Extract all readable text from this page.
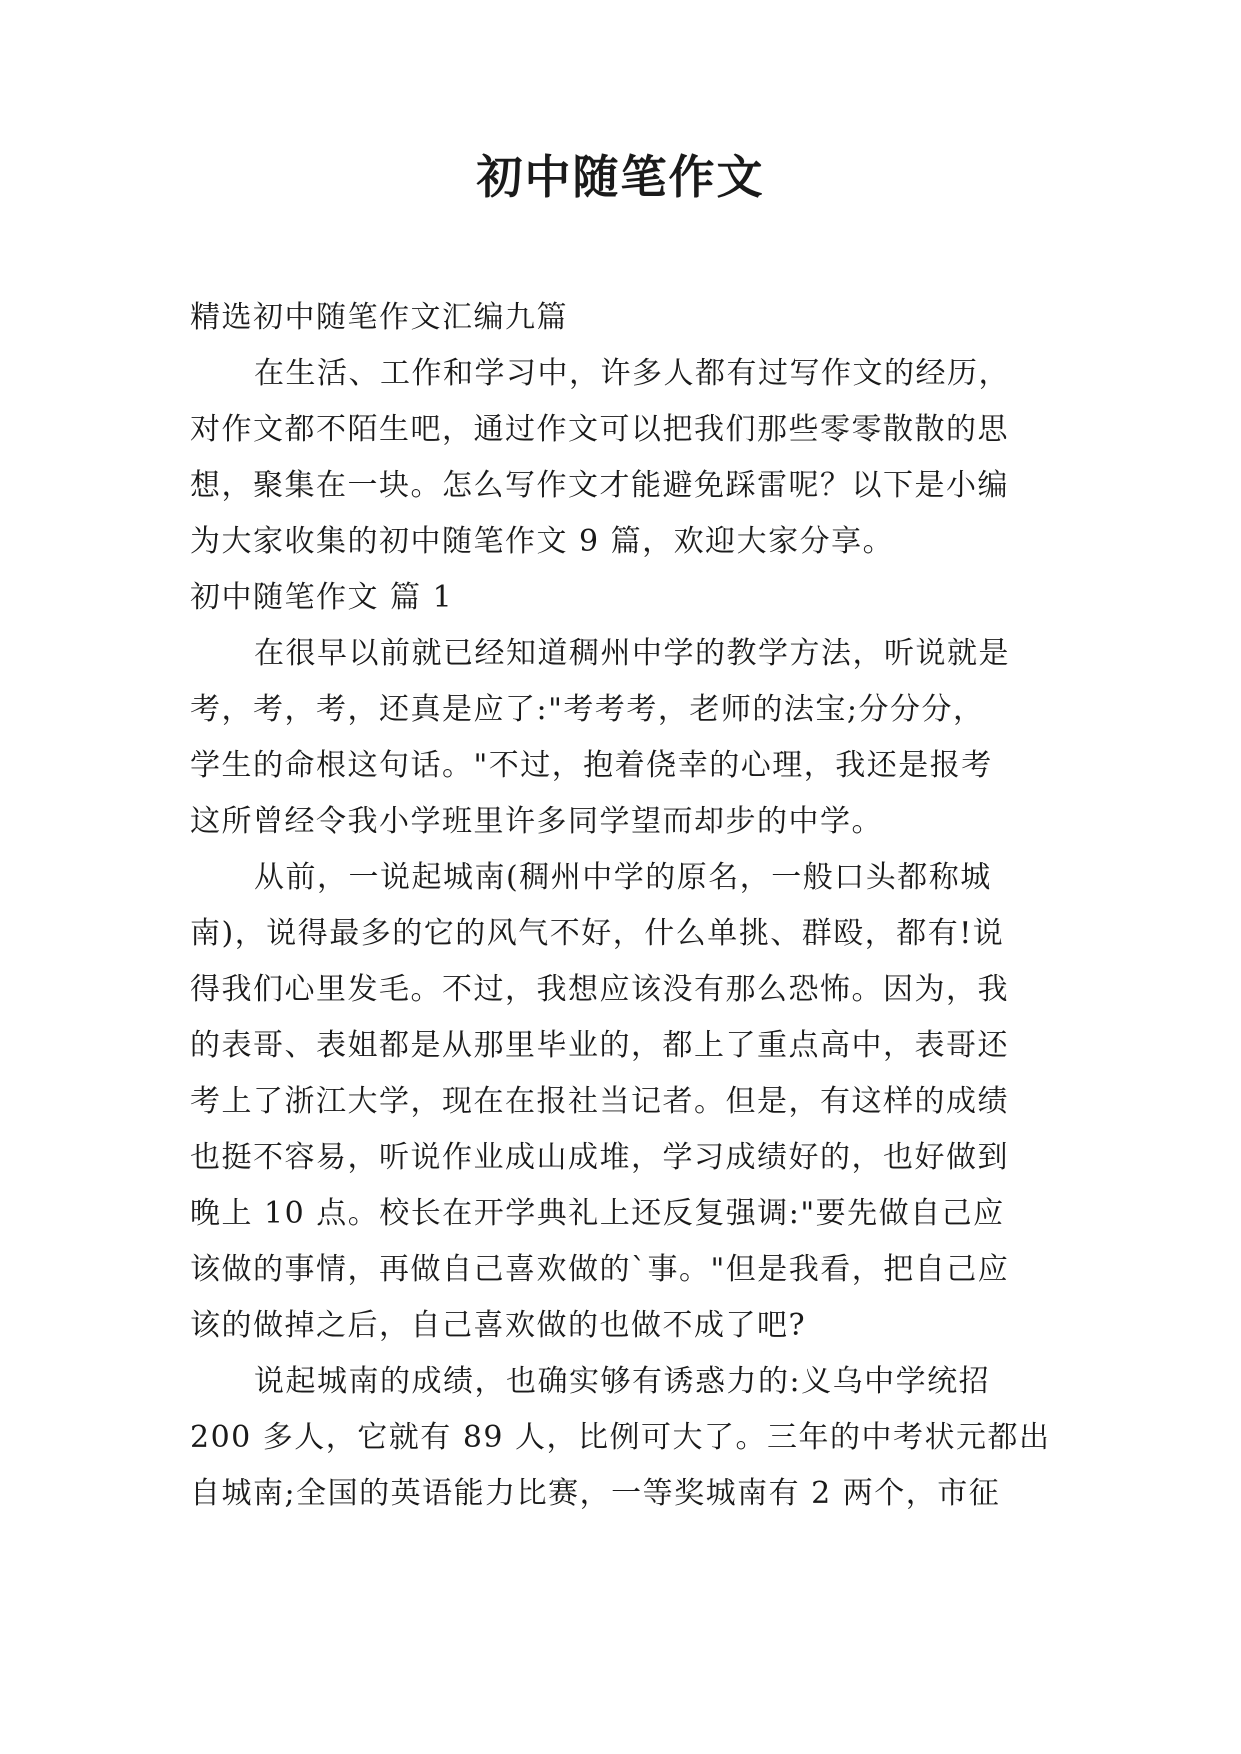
初中随笔作文
精选初中随笔作文汇编九篇
在生活、工作和学习中，许多人都有过写作文的经历，
对作文都不陌生吧，通过作文可以把我们那些零零散散的思
想，聚集在一块。怎么写作文才能避免踩雷呢？以下是小编
为大家收集的初中随笔作文 9 篇，欢迎大家分享。
初中随笔作文 篇 1
在很早以前就已经知道稠州中学的教学方法，听说就是
考，考，考，还真是应了:"考考考，老师的法宝;分分分，
学生的命根这句话。"不过，抱着侥幸的心理，我还是报考
这所曾经令我小学班里许多同学望而却步的中学。
从前，一说起城南(稠州中学的原名，一般口头都称城
南)，说得最多的它的风气不好，什么单挑、群殴，都有!说
得我们心里发毛。不过，我想应该没有那么恐怖。因为，我
的表哥、表姐都是从那里毕业的，都上了重点高中，表哥还
考上了浙江大学，现在在报社当记者。但是，有这样的成绩
也挺不容易，听说作业成山成堆，学习成绩好的，也好做到
晚上 10 点。校长在开学典礼上还反复强调:"要先做自己应
该做的事情，再做自己喜欢做的`事。"但是我看，把自己应
该的做掉之后，自己喜欢做的也做不成了吧?
说起城南的成绩，也确实够有诱惑力的:义乌中学统招
200 多人，它就有 89 人，比例可大了。三年的中考状元都出
自城南;全国的英语能力比赛，一等奖城南有 2 两个，市征
